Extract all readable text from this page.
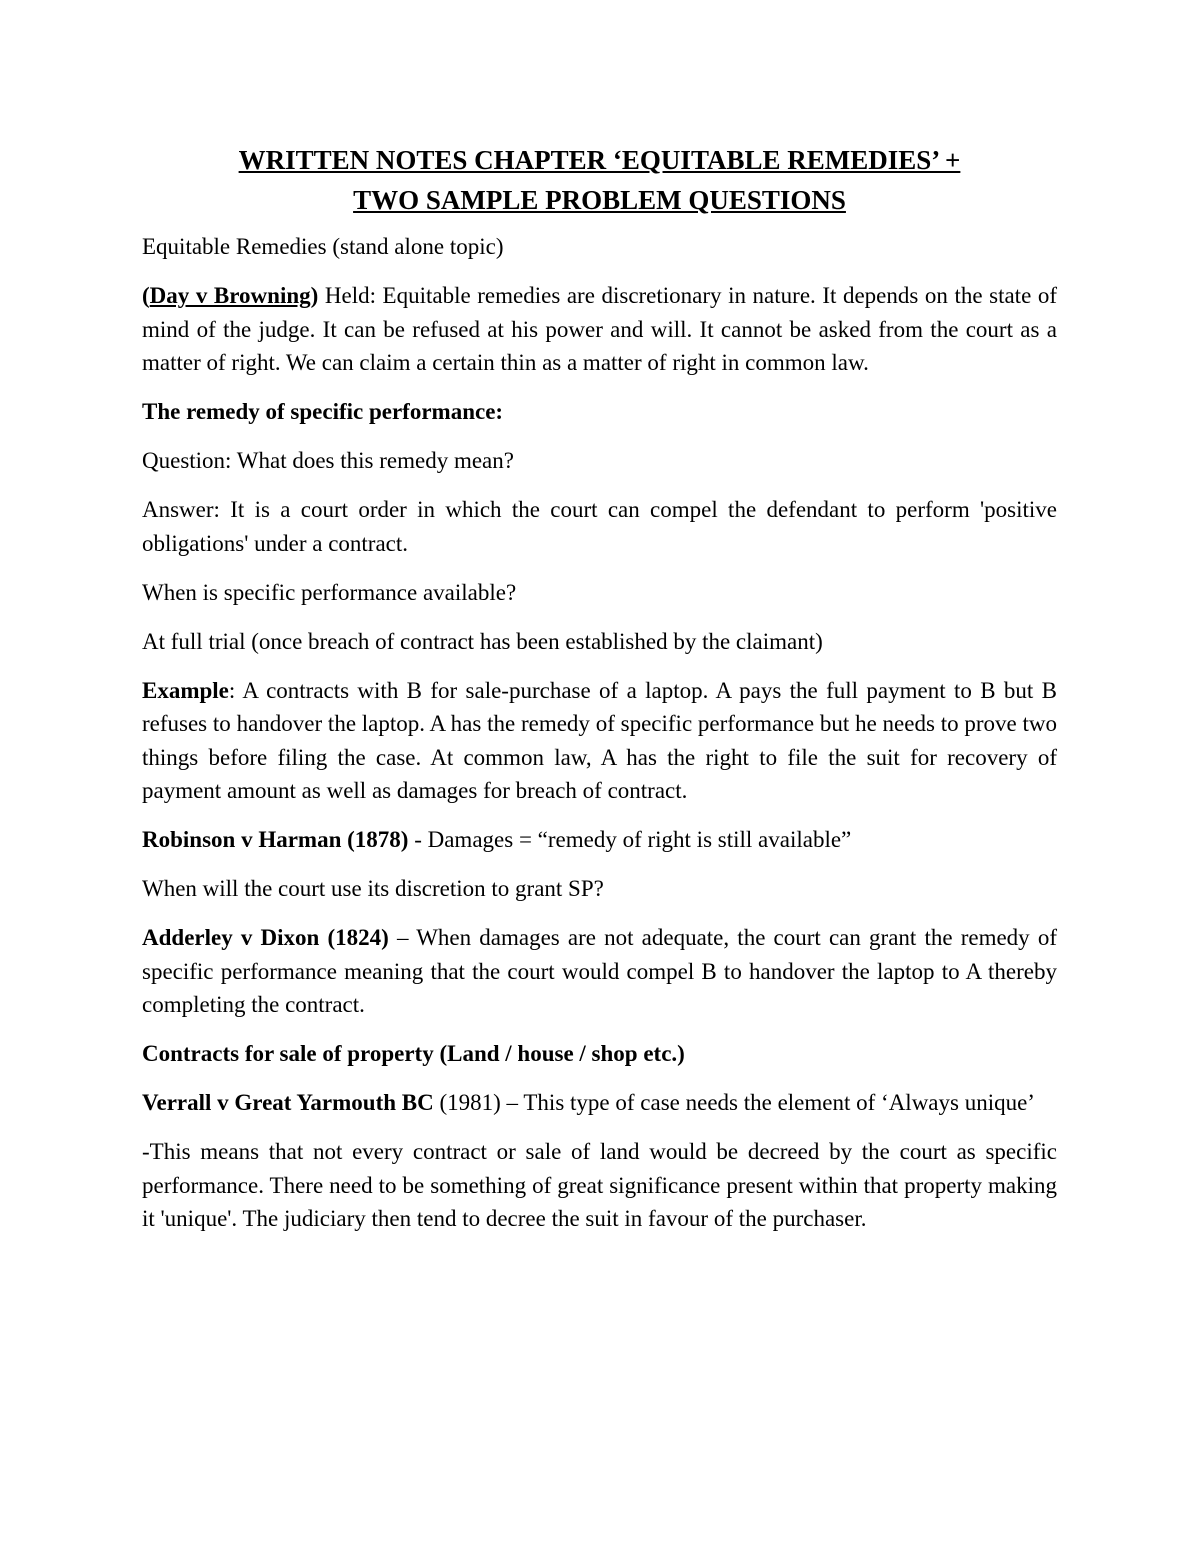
WRITTEN NOTES CHAPTER ‘EQUITABLE REMEDIES’ +
TWO SAMPLE PROBLEM QUESTIONS

Equitable Remedies (stand alone topic)

(Day v Browning) Held: Equitable remedies are discretionary in nature. It depends on the state of mind of the judge. It can be refused at his power and will. It cannot be asked from the court as a matter of right. We can claim a certain thin as a matter of right in common law.

The remedy of specific performance:

Question: What does this remedy mean?

Answer: It is a court order in which the court can compel the defendant to perform 'positive obligations' under a contract.

When is specific performance available?

At full trial (once breach of contract has been established by the claimant)

Example: A contracts with B for sale-purchase of a laptop. A pays the full payment to B but B refuses to handover the laptop. A has the remedy of specific performance but he needs to prove two things before filing the case. At common law, A has the right to file the suit for recovery of payment amount as well as damages for breach of contract.

Robinson v Harman (1878) - Damages = “remedy of right is still available”

When will the court use its discretion to grant SP?

Adderley v Dixon (1824) – When damages are not adequate, the court can grant the remedy of specific performance meaning that the court would compel B to handover the laptop to A thereby completing the contract.

Contracts for sale of property (Land / house / shop etc.)

Verrall v Great Yarmouth BC (1981) – This type of case needs the element of ‘Always unique’

-This means that not every contract or sale of land would be decreed by the court as specific performance. There need to be something of great significance present within that property making it 'unique'. The judiciary then tend to decree the suit in favour of the purchaser.
